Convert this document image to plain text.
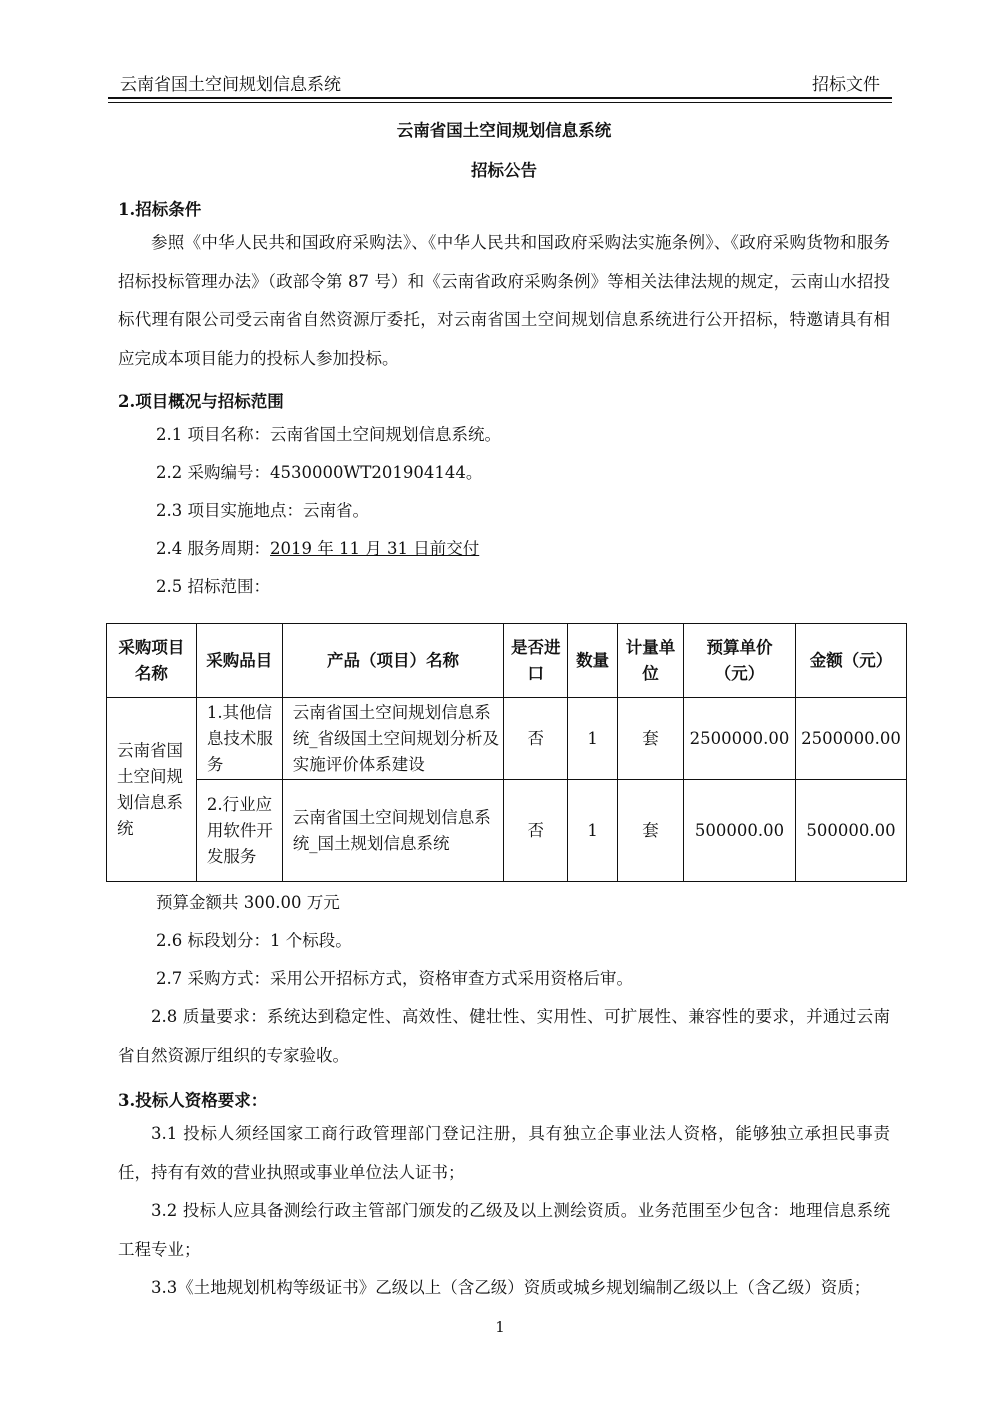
云南省国土空间规划信息系统	招标文件
云南省国土空间规划信息系统
招标公告
1.招标条件
参照《中华人民共和国政府采购法》、《中华人民共和国政府采购法实施条例》、《政府采购货物和服务招标投标管理办法》（政部令第 87 号）和《云南省政府采购条例》等相关法律法规的规定，云南山水招投标代理有限公司受云南省自然资源厅委托，对云南省国土空间规划信息系统进行公开招标，特邀请具有相应完成本项目能力的投标人参加投标。
2.项目概况与招标范围
2.1 项目名称：云南省国土空间规划信息系统。
2.2 采购编号：4530000WT201904144。
2.3 项目实施地点：云南省。
2.4 服务周期：2019 年 11 月 31 日前交付
2.5 招标范围：
采购项目名称	采购品目	产品（项目）名称	是否进口	数量	计量单位	预算单价（元）	金额（元）
云南省国土空间规划信息系统	1.其他信息技术服务	云南省国土空间规划信息系统_省级国土空间规划分析及实施评价体系建设	否	1	套	2500000.00	2500000.00
	2.行业应用软件开发服务	云南省国土空间规划信息系统_国土规划信息系统	否	1	套	500000.00	500000.00
预算金额共 300.00 万元
2.6 标段划分：1 个标段。
2.7 采购方式：采用公开招标方式，资格审查方式采用资格后审。
2.8 质量要求：系统达到稳定性、高效性、健壮性、实用性、可扩展性、兼容性的要求，并通过云南省自然资源厅组织的专家验收。
3.投标人资格要求：
3.1 投标人须经国家工商行政管理部门登记注册，具有独立企事业法人资格，能够独立承担民事责任，持有有效的营业执照或事业单位法人证书；
3.2 投标人应具备测绘行政主管部门颁发的乙级及以上测绘资质。业务范围至少包含：地理信息系统工程专业；
3.3《土地规划机构等级证书》乙级以上（含乙级）资质或城乡规划编制乙级以上（含乙级）资质；
1
